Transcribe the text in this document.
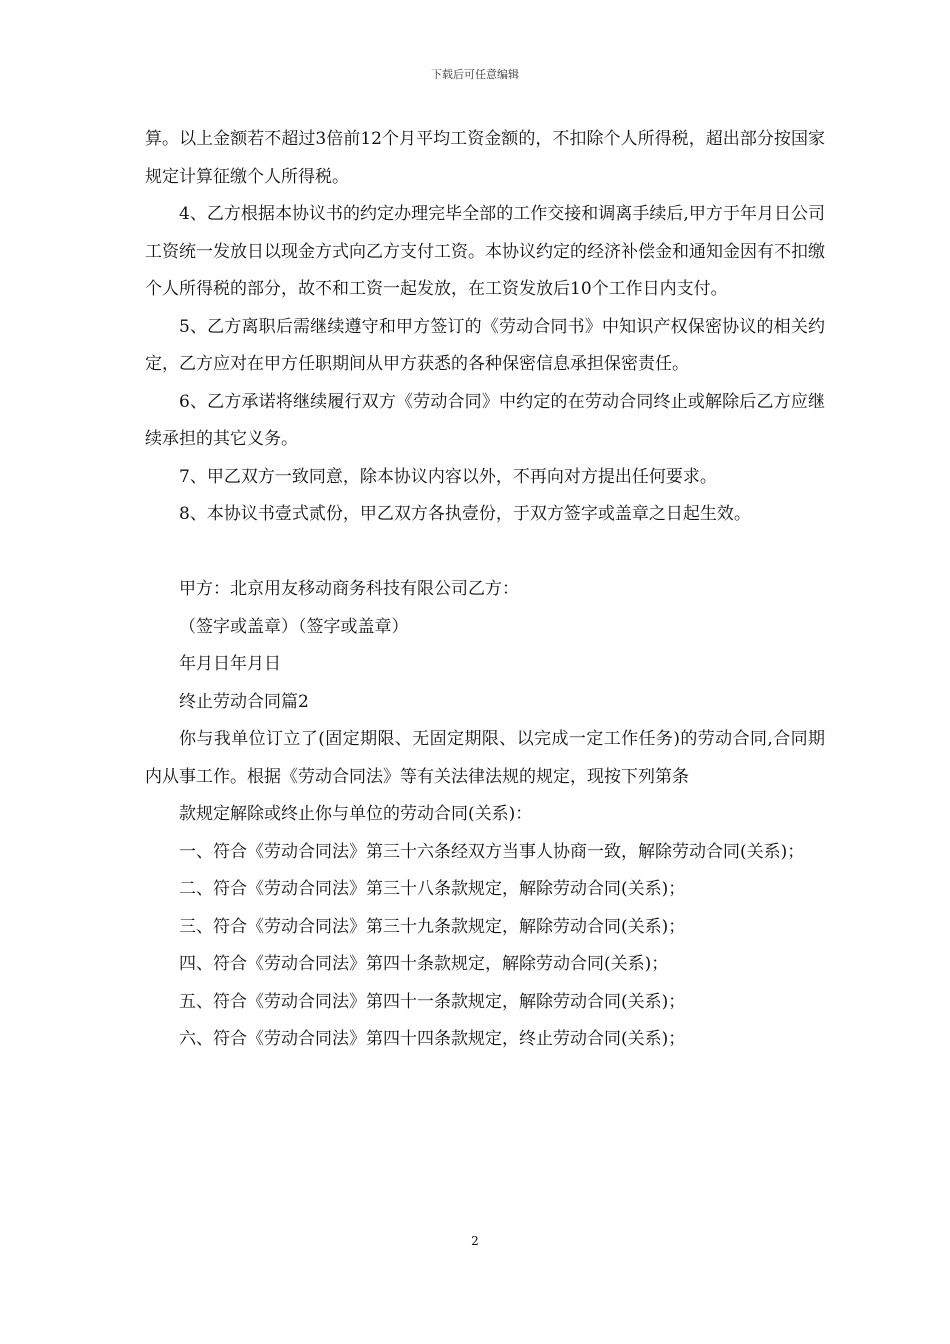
下载后可任意编辑

算。以上金额若不超过3倍前12个月平均工资金额的，不扣除个人所得税，超出部分按国家规定计算征缴个人所得税。

4、乙方根据本协议书的约定办理完毕全部的工作交接和调离手续后,甲方于年月日公司工资统一发放日以现金方式向乙方支付工资。本协议约定的经济补偿金和通知金因有不扣缴个人所得税的部分，故不和工资一起发放，在工资发放后10个工作日内支付。

5、乙方离职后需继续遵守和甲方签订的《劳动合同书》中知识产权保密协议的相关约定，乙方应对在甲方任职期间从甲方获悉的各种保密信息承担保密责任。

6、乙方承诺将继续履行双方《劳动合同》中约定的在劳动合同终止或解除后乙方应继续承担的其它义务。

7、甲乙双方一致同意，除本协议内容以外，不再向对方提出任何要求。

8、本协议书壹式贰份，甲乙双方各执壹份，于双方签字或盖章之日起生效。

甲方：北京用友移动商务科技有限公司乙方：

（签字或盖章）（签字或盖章）

年月日年月日

终止劳动合同篇2

你与我单位订立了(固定期限、无固定期限、以完成一定工作任务)的劳动合同,合同期内从事工作。根据《劳动合同法》等有关法律法规的规定，现按下列第条

款规定解除或终止你与单位的劳动合同(关系)：

一、符合《劳动合同法》第三十六条经双方当事人协商一致，解除劳动合同(关系)；

二、符合《劳动合同法》第三十八条款规定，解除劳动合同(关系)；

三、符合《劳动合同法》第三十九条款规定，解除劳动合同(关系)；

四、符合《劳动合同法》第四十条款规定，解除劳动合同(关系)；

五、符合《劳动合同法》第四十一条款规定，解除劳动合同(关系)；

六、符合《劳动合同法》第四十四条款规定，终止劳动合同(关系)；

2
